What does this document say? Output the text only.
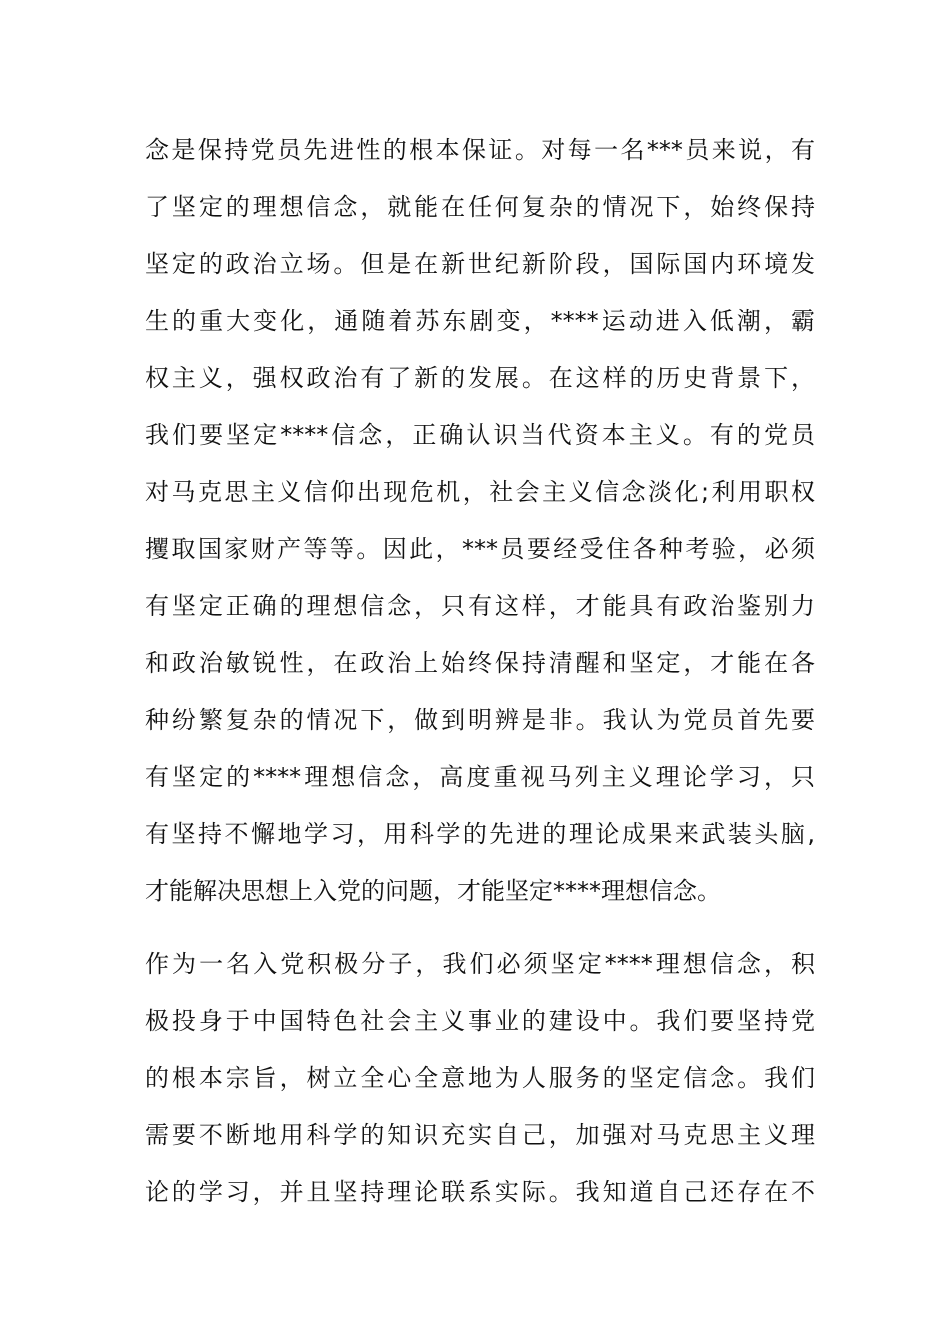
念是保持党员先进性的根本保证。对每一名***员来说，有
了坚定的理想信念，就能在任何复杂的情况下，始终保持
坚定的政治立场。但是在新世纪新阶段，国际国内环境发
生的重大变化，通随着苏东剧变，****运动进入低潮，霸
权主义，强权政治有了新的发展。在这样的历史背景下，
我们要坚定****信念，正确认识当代资本主义。有的党员
对马克思主义信仰出现危机，社会主义信念淡化;利用职权
攫取国家财产等等。因此，***员要经受住各种考验，必须
有坚定正确的理想信念，只有这样，才能具有政治鉴别力
和政治敏锐性，在政治上始终保持清醒和坚定，才能在各
种纷繁复杂的情况下，做到明辨是非。我认为党员首先要
有坚定的****理想信念，高度重视马列主义理论学习，只
有坚持不懈地学习，用科学的先进的理论成果来武装头脑,
才能解决思想上入党的问题，才能坚定****理想信念。
作为一名入党积极分子，我们必须坚定****理想信念，积
极投身于中国特色社会主义事业的建设中。我们要坚持党
的根本宗旨，树立全心全意地为人服务的坚定信念。我们
需要不断地用科学的知识充实自己，加强对马克思主义理
论的学习，并且坚持理论联系实际。我知道自己还存在不
